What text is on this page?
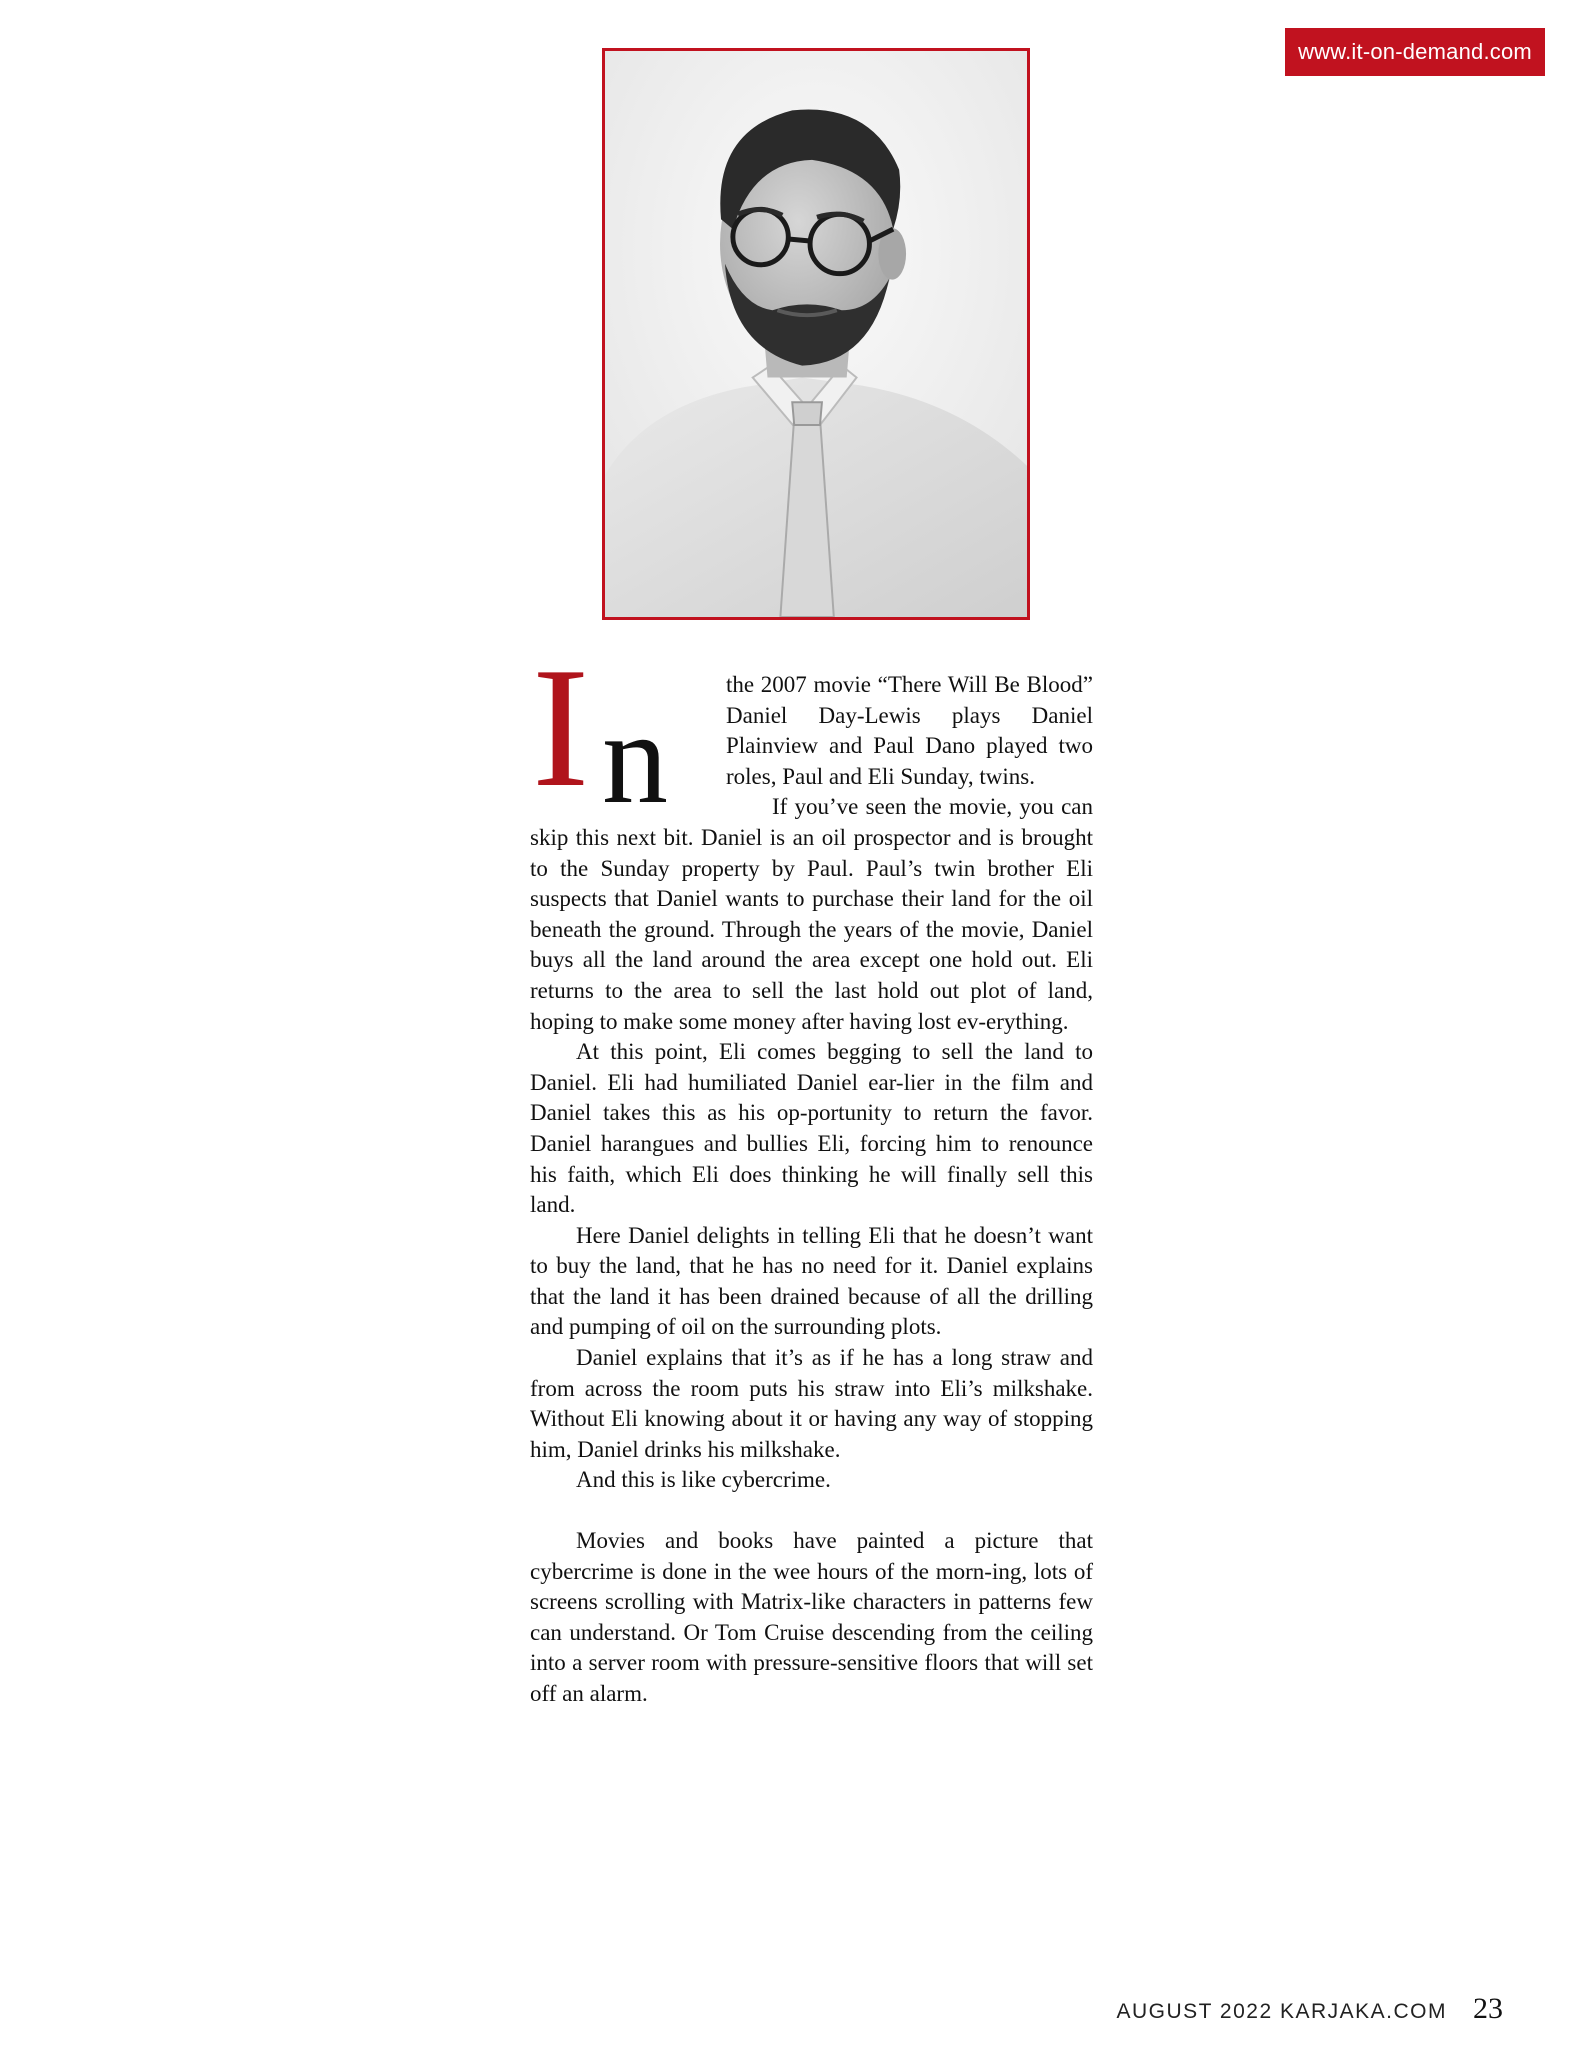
www.it-on-demand.com
I n	the 2007 movie “There Will Be Blood” Daniel Day-Lewis plays Daniel Plainview and Paul Dano played two roles, Paul and Eli Sunday, twins.

If you’ve seen the movie, you can skip this next bit. Daniel is an oil prospector and is brought to the Sunday property by Paul. Paul’s twin brother Eli suspects that Daniel wants to purchase their land for the oil beneath the ground. Through the years of the movie, Daniel buys all the land around the area except one hold out. Eli returns to the area to sell the last hold out plot of land, hoping to make some money after having lost ev-erything.

At this point, Eli comes begging to sell the land to Daniel. Eli had humiliated Daniel ear-lier in the film and Daniel takes this as his op-portunity to return the favor. Daniel harangues and bullies Eli, forcing him to renounce his faith, which Eli does thinking he will finally sell this land.

Here Daniel delights in telling Eli that he doesn’t want to buy the land, that he has no need for it. Daniel explains that the land it has been drained because of all the drilling and pumping of oil on the surrounding plots.

Daniel explains that it’s as if he has a long straw and from across the room puts his straw into Eli’s milkshake. Without Eli knowing about it or having any way of stopping him, Daniel drinks his milkshake.

And this is like cybercrime.

Movies and books have painted a picture that cybercrime is done in the wee hours of the morn-ing, lots of screens scrolling with Matrix-like characters in patterns few can understand. Or Tom Cruise descending from the ceiling into a server room with pressure-sensitive floors that will set off an alarm.

AUGUST 2022 KARJAKA.COM 23
